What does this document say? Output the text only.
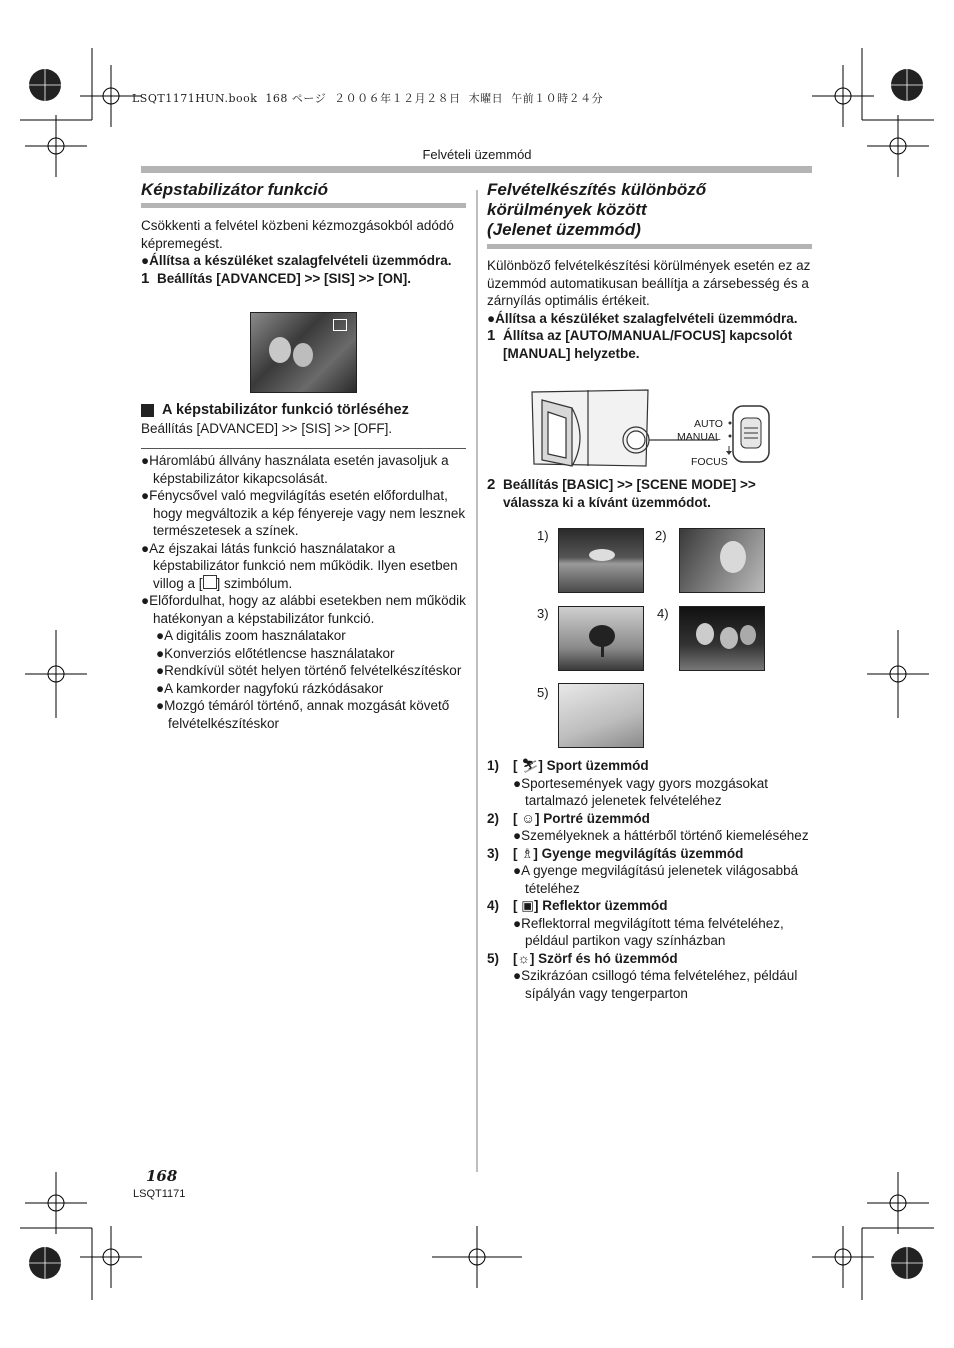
LSQT1171HUN.book  168 ページ  ２００６年１２月２８日  木曜日  午前１０時２４分
Felvételi üzemmód
Képstabilizátor funkció
Csökkenti a felvétel közbeni kézmozgásokból adódó képremegést.
●Állítsa a készüléket szalagfelvételi üzemmódra.
1 Beállítás [ADVANCED] >> [SIS] >> [ON].
A képstabilizátor funkció törléséhez
Beállítás [ADVANCED] >> [SIS] >> [OFF].
●Háromlábú állvány használata esetén javasoljuk a képstabilizátor kikapcsolását.
●Fénycsővel való megvilágítás esetén előfordulhat, hogy megváltozik a kép fényereje vagy nem lesznek természetesek a színek.
●Az éjszakai látás funkció használatakor a képstabilizátor funkció nem működik. Ilyen esetben villog a [ ] szimbólum.
●Előfordulhat, hogy az alábbi esetekben nem működik hatékonyan a képstabilizátor funkció.
●A digitális zoom használatakor
●Konverziós előtétlencse használatakor
●Rendkívül sötét helyen történő felvételkészítéskor
●A kamkorder nagyfokú rázkódásakor
●Mozgó témáról történő, annak mozgását követő felvételkészítéskor
Felvételkészítés különböző
körülmények között
(Jelenet üzemmód)
Különböző felvételkészítési körülmények esetén ez az üzemmód automatikusan beállítja a zársebesség és a zárnyílás optimális értékeit.
●Állítsa a készüléket szalagfelvételi üzemmódra.
1 Állítsa az [AUTO/MANUAL/FOCUS] kapcsolót [MANUAL] helyzetbe.
AUTO
MANUAL
FOCUS
2 Beállítás [BASIC] >> [SCENE MODE] >> válassza ki a kívánt üzemmódot.
1)	2)
3)	4)
5)
1)	[ ⛷ ] Sport üzemmód
●Sportesemények vagy gyors mozgásokat tartalmazó jelenetek felvételéhez
2)	[ ☺ ] Portré üzemmód
●Személyeknek a háttérből történő kiemeléséhez
3)	[ ♗ ] Gyenge megvilágítás üzemmód
●A gyenge megvilágítású jelenetek világosabbá tételéhez
4)	[ ▣ ] Reflektor üzemmód
●Reflektorral megvilágított téma felvételéhez, például partikon vagy színházban
5)	[☼ ] Szörf és hó üzemmód
●Szikrázóan csillogó téma felvételéhez, például sípályán vagy tengerparton
168
LSQT1171
